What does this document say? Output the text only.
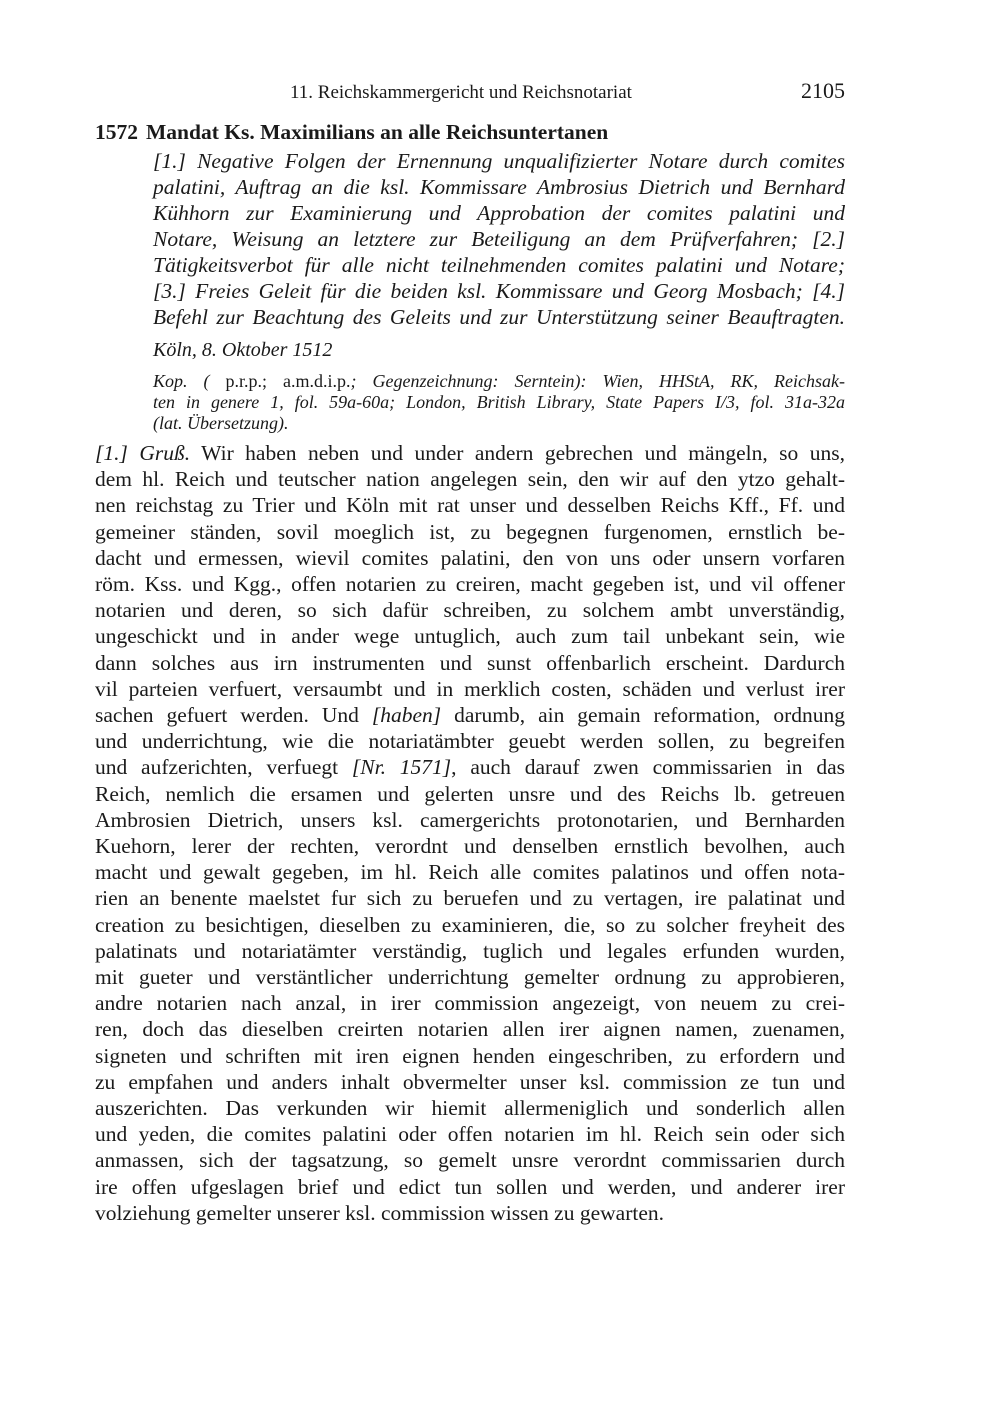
11. Reichskammergericht und Reichsnotariat	2105
1572 Mandat Ks. Maximilians an alle Reichsuntertanen
[1.] Negative Folgen der Ernennung unqualifizierter Notare durch comites
palatini, Auftrag an die ksl. Kommissare Ambrosius Dietrich und Bernhard
Kühhorn zur Examinierung und Approbation der comites palatini und
Notare, Weisung an letztere zur Beteiligung an dem Prüfverfahren; [2.]
Tätigkeitsverbot für alle nicht teilnehmenden comites palatini und Notare;
[3.] Freies Geleit für die beiden ksl. Kommissare und Georg Mosbach; [4.]
Befehl zur Beachtung des Geleits und zur Unterstützung seiner Beauftragten.
Köln, 8. Oktober 1512
Kop. ( p.r.p.; a.m.d.i.p.; Gegenzeichnung: Serntein): Wien, HHStA, RK, Reichsak-
ten in genere 1, fol. 59a-60a; London, British Library, State Papers I/3, fol. 31a-32a
(lat. Übersetzung).
[1.] Gruß. Wir haben neben und under andern gebrechen und mängeln, so uns,
dem hl. Reich und teutscher nation angelegen sein, den wir auf den ytzo gehalt-
nen reichstag zu Trier und Köln mit rat unser und desselben Reichs Kff., Ff. und
gemeiner ständen, sovil moeglich ist, zu begegnen furgenomen, ernstlich be-
dacht und ermessen, wievil comites palatini, den von uns oder unsern vorfaren
röm. Kss. und Kgg., offen notarien zu creiren, macht gegeben ist, und vil offener
notarien und deren, so sich dafür schreiben, zu solchem ambt unverständig,
ungeschickt und in ander wege untuglich, auch zum tail unbekant sein, wie
dann solches aus irn instrumenten und sunst offenbarlich erscheint. Dardurch
vil parteien verfuert, versaumbt und in merklich costen, schäden und verlust irer
sachen gefuert werden. Und [haben] darumb, ain gemain reformation, ordnung
und underrichtung, wie die notariatämbter geuebt werden sollen, zu begreifen
und aufzerichten, verfuegt [Nr. 1571], auch darauf zwen commissarien in das
Reich, nemlich die ersamen und gelerten unsre und des Reichs lb. getreuen
Ambrosien Dietrich, unsers ksl. camergerichts protonotarien, und Bernharden
Kuehorn, lerer der rechten, verordnt und denselben ernstlich bevolhen, auch
macht und gewalt gegeben, im hl. Reich alle comites palatinos und offen nota-
rien an benente maelstet fur sich zu beruefen und zu vertagen, ire palatinat und
creation zu besichtigen, dieselben zu examinieren, die, so zu solcher freyheit des
palatinats und notariatämter verständig, tuglich und legales erfunden wurden,
mit gueter und verstäntlicher underrichtung gemelter ordnung zu approbieren,
andre notarien nach anzal, in irer commission angezeigt, von neuem zu crei-
ren, doch das dieselben creirten notarien allen irer aignen namen, zuenamen,
signeten und schriften mit iren eignen henden eingeschriben, zu erfordern und
zu empfahen und anders inhalt obvermelter unser ksl. commission ze tun und
auszerichten. Das verkunden wir hiemit allermeniglich und sonderlich allen
und yeden, die comites palatini oder offen notarien im hl. Reich sein oder sich
anmassen, sich der tagsatzung, so gemelt unsre verordnt commissarien durch
ire offen ufgeslagen brief und edict tun sollen und werden, und anderer irer
volziehung gemelter unserer ksl. commission wissen zu gewarten.
